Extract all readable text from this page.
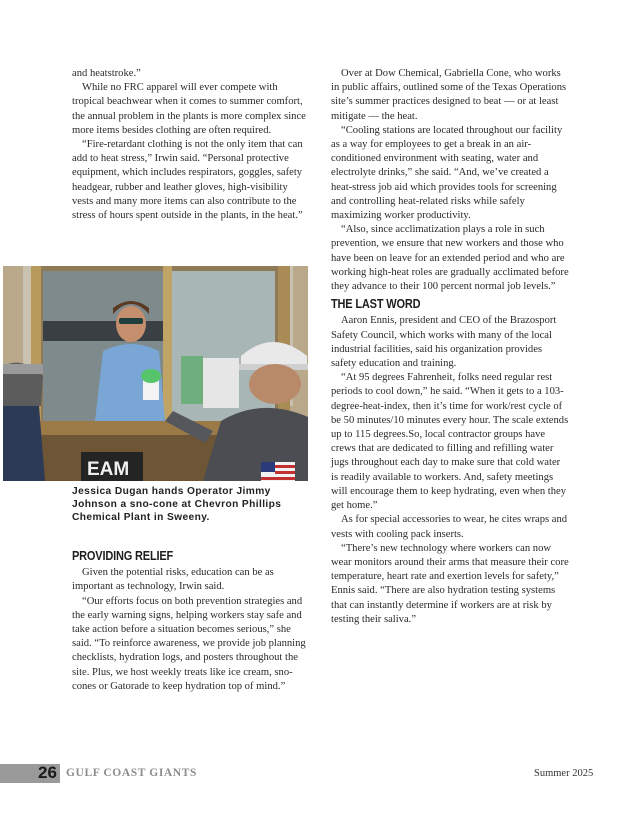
and heatstroke.”

While no FRC apparel will ever compete with tropical beachwear when it comes to summer comfort, the annual problem in the plants is more complex since more items besides clothing are often required.

“Fire-retardant clothing is not the only item that can add to heat stress,” Irwin said. “Personal protective equipment, which includes respirators, goggles, safety headgear, rubber and leather gloves, high-visibility vests and many more items can also contribute to the stress of hours spent outside in the plants, in the heat.”

EAM
Jessica Dugan hands Operator Jimmy Johnson a sno-cone at Chevron Phillips Chemical Plant in Sweeny.
PROVIDING RELIEF

Given the potential risks, education can be as important as technology, Irwin said.

“Our efforts focus on both prevention strategies and the early warning signs, helping workers stay safe and take action before a situation becomes serious,” she said. “To reinforce awareness, we provide job planning checklists, hydration logs, and posters throughout the site. Plus, we host weekly treats like ice cream, sno-cones or Gatorade to keep hydration top of mind.”

Over at Dow Chemical, Gabriella Cone, who works in public affairs, outlined some of the Texas Operations site’s summer practices designed to beat — or at least mitigate — the heat.

“Cooling stations are located throughout our facility as a way for employees to get a break in an air-conditioned environment with seating, water and electrolyte drinks,” she said. “And, we’ve created a heat-stress job aid which provides tools for screening and controlling heat-related risks while safely maximizing worker productivity.

“Also, since acclimatization plays a role in such prevention, we ensure that new workers and those who have been on leave for an extended period and who are working high-heat roles are gradually acclimated before they advance to their 100 percent normal job levels.”

THE LAST WORD

Aaron Ennis, president and CEO of the Brazosport Safety Council, which works with many of the local industrial facilities, said his organization provides safety education and training.

“At 95 degrees Fahrenheit, folks need regular rest periods to cool down,” he said. “When it gets to a 103-degree-heat-index, then it’s time for work/rest cycle of be 50 minutes/10 minutes every hour. The scale extends up to 115 degrees.So, local contractor groups have crews that are dedicated to filling and refilling water jugs throughout each day to make sure that cold water is readily available to workers. And, safety meetings will encourage them to keep hydrating, even when they get home.”

As for special accessories to wear, he cites wraps and vests with cooling pack inserts.

“There’s new technology where workers can now wear monitors around their arms that measure their core temperature, heart rate and exertion levels for safety,” Ennis said. “There are also hydration testing systems that can instantly determine if workers are at risk by testing their saliva.”

26 GULF COAST GIANTS	Summer 2025
